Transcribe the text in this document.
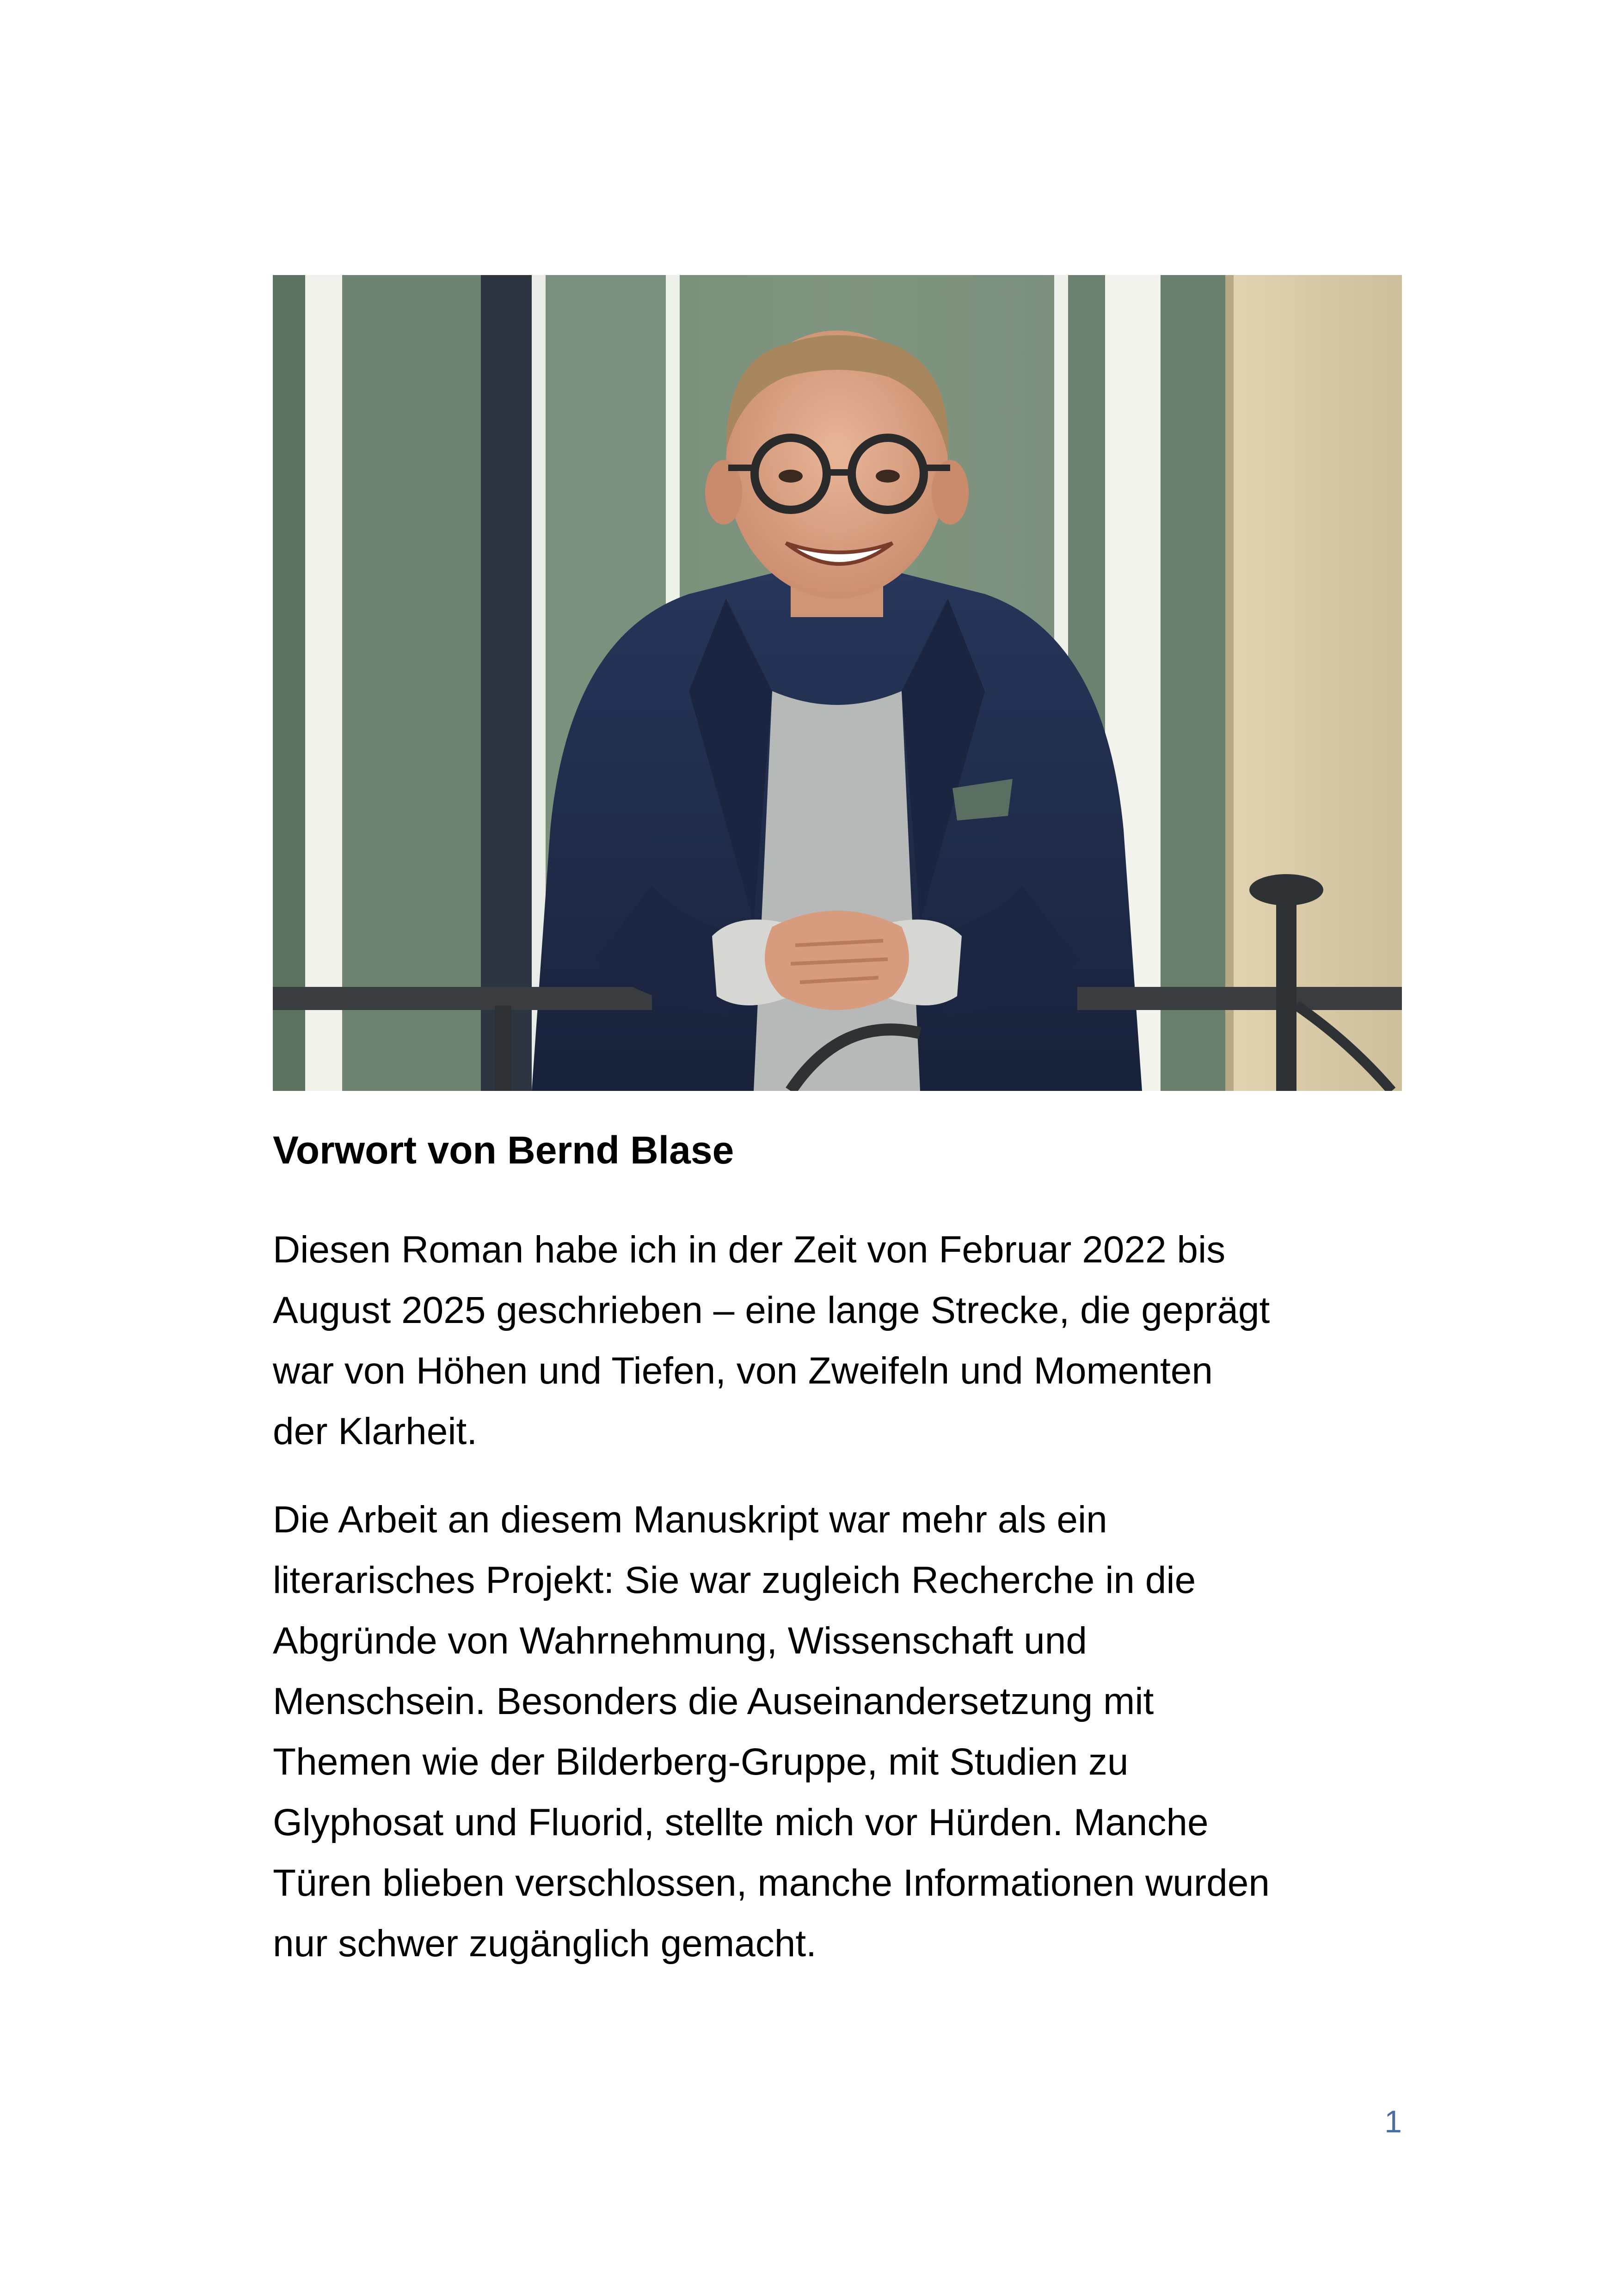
Vorwort von Bernd Blase

Diesen Roman habe ich in der Zeit von Februar 2022 bis
August 2025 geschrieben – eine lange Strecke, die geprägt
war von Höhen und Tiefen, von Zweifeln und Momenten
der Klarheit.

Die Arbeit an diesem Manuskript war mehr als ein
literarisches Projekt: Sie war zugleich Recherche in die
Abgründe von Wahrnehmung, Wissenschaft und
Menschsein. Besonders die Auseinandersetzung mit
Themen wie der Bilderberg-Gruppe, mit Studien zu
Glyphosat und Fluorid, stellte mich vor Hürden. Manche
Türen blieben verschlossen, manche Informationen wurden
nur schwer zugänglich gemacht.

1
